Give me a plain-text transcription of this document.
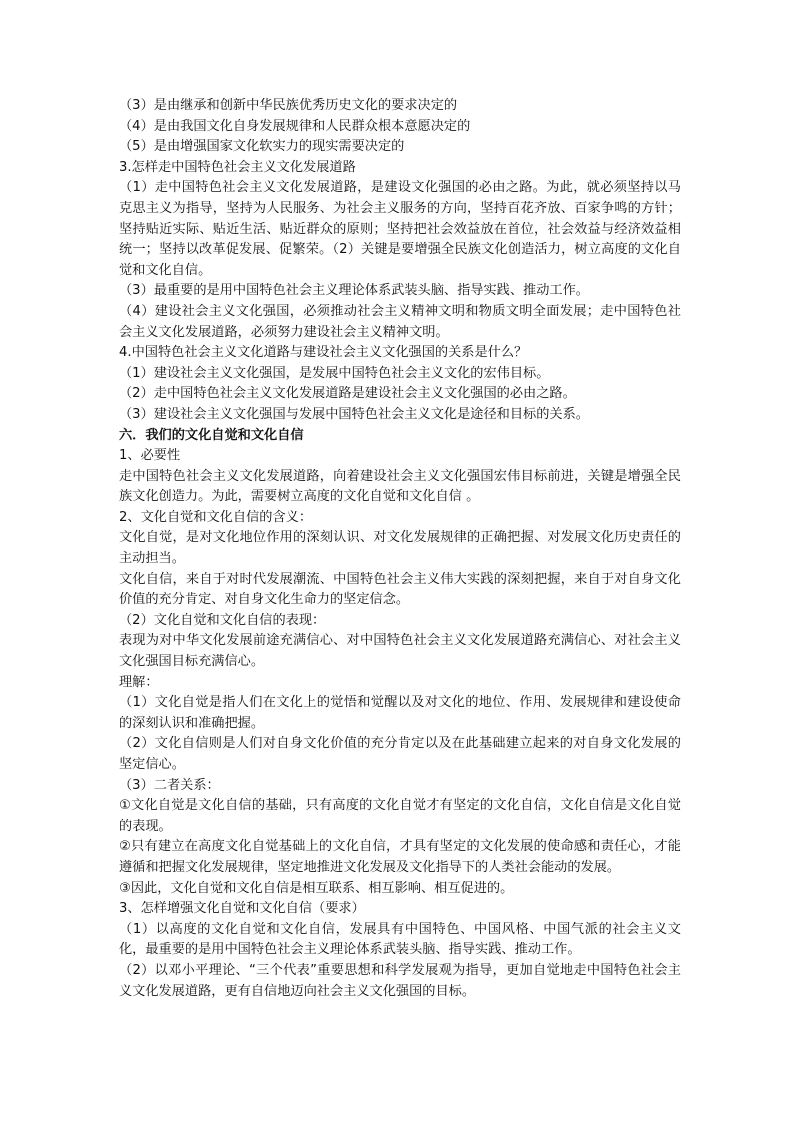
（3）是由继承和创新中华民族优秀历史文化的要求决定的

（4）是由我国文化自身发展规律和人民群众根本意愿决定的

（5）是由增强国家文化软实力的现实需要决定的

3.怎样走中国特色社会主义文化发展道路

（1）走中国特色社会主义文化发展道路，是建设文化强国的必由之路。为此，就必须坚持以马克思主义为指导，坚持为人民服务、为社会主义服务的方向，坚持百花齐放、百家争鸣的方针；坚持贴近实际、贴近生活、贴近群众的原则；坚持把社会效益放在首位，社会效益与经济效益相统一；坚持以改革促发展、促繁荣。（2）关键是要增强全民族文化创造活力，树立高度的文化自觉和文化自信。

（3）最重要的是用中国特色社会主义理论体系武装头脑、指导实践、推动工作。

（4）建设社会主义文化强国，必须推动社会主义精神文明和物质文明全面发展；走中国特色社会主义文化发展道路，必须努力建设社会主义精神文明。

4.中国特色社会主义文化道路与建设社会主义文化强国的关系是什么？

（1）建设社会主义文化强国，是发展中国特色社会主义文化的宏伟目标。

（2）走中国特色社会主义文化发展道路是建设社会主义文化强国的必由之路。

（3）建设社会主义文化强国与发展中国特色社会主义文化是途径和目标的关系。

六．我们的文化自觉和文化自信

1、必要性

走中国特色社会主义文化发展道路，向着建设社会主义文化强国宏伟目标前进，关键是增强全民族文化创造力。为此，需要树立高度的文化自觉和文化自信 。

2、文化自觉和文化自信的含义：

文化自觉，是对文化地位作用的深刻认识、对文化发展规律的正确把握、对发展文化历史责任的主动担当。

文化自信，来自于对时代发展潮流、中国特色社会主义伟大实践的深刻把握，来自于对自身文化价值的充分肯定、对自身文化生命力的坚定信念。

（2）文化自觉和文化自信的表现：

表现为对中华文化发展前途充满信心、对中国特色社会主义文化发展道路充满信心、对社会主义文化强国目标充满信心。

理解：

（1）文化自觉是指人们在文化上的觉悟和觉醒以及对文化的地位、作用、发展规律和建设使命的深刻认识和准确把握。

（2）文化自信则是人们对自身文化价值的充分肯定以及在此基础建立起来的对自身文化发展的坚定信心。

（3）二者关系：

①文化自觉是文化自信的基础，只有高度的文化自觉才有坚定的文化自信，文化自信是文化自觉的表现。

②只有建立在高度文化自觉基础上的文化自信，才具有坚定的文化发展的使命感和责任心，才能遵循和把握文化发展规律，坚定地推进文化发展及文化指导下的人类社会能动的发展。

③因此，文化自觉和文化自信是相互联系、相互影响、相互促进的。

3、怎样增强文化自觉和文化自信（要求）

（1）以高度的文化自觉和文化自信，发展具有中国特色、中国风格、中国气派的社会主义文化，最重要的是用中国特色社会主义理论体系武装头脑、指导实践、推动工作。

（2）以邓小平理论、“三个代表”重要思想和科学发展观为指导，更加自觉地走中国特色社会主义文化发展道路，更有自信地迈向社会主义文化强国的目标。
